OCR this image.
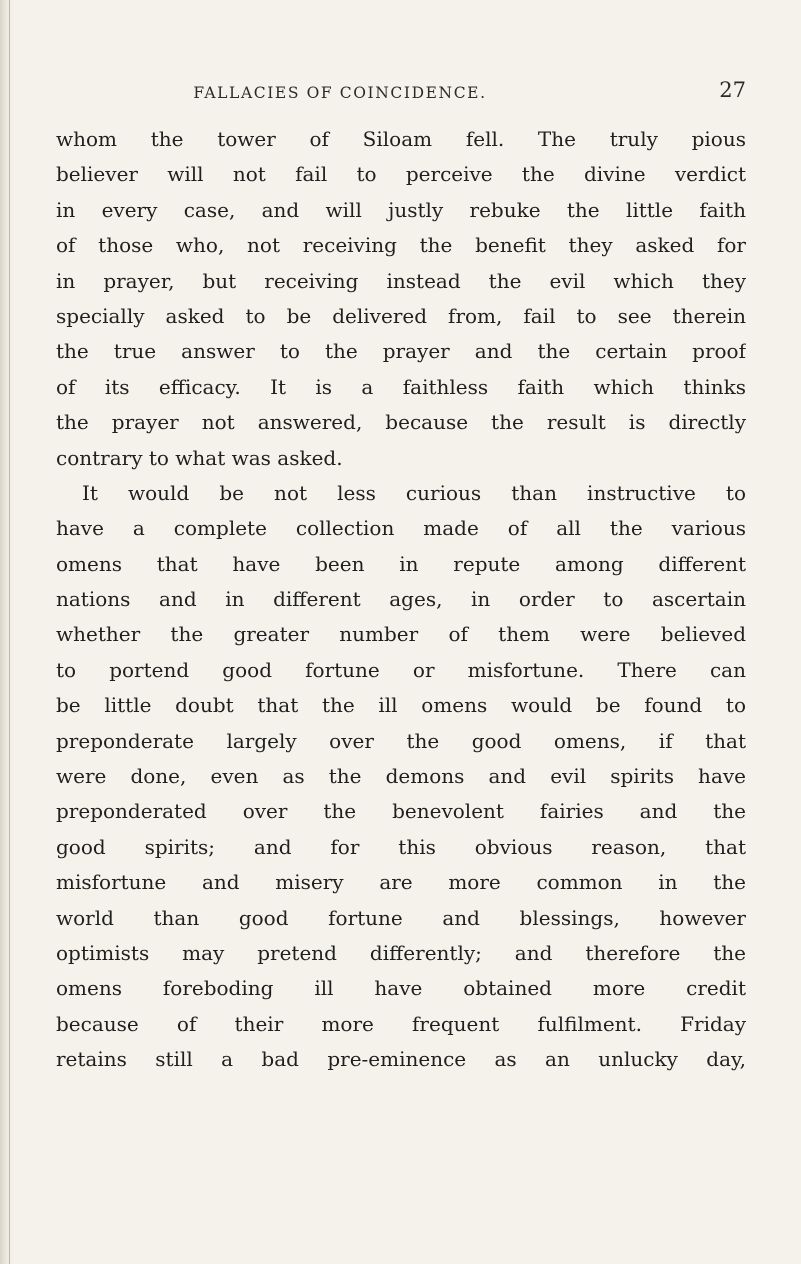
FALLACIES OF COINCIDENCE.	27
whom the tower of Siloam fell. The truly pious
believer will not fail to perceive the divine verdict
in every case, and will justly rebuke the little faith
of those who, not receiving the benefit they asked for
in prayer, but receiving instead the evil which they
specially asked to be delivered from, fail to see therein
the true answer to the prayer and the certain proof
of its efficacy. It is a faithless faith which thinks
the prayer not answered, because the result is directly
contrary to what was asked.
It would be not less curious than instructive to
have a complete collection made of all the various
omens that have been in repute among different
nations and in different ages, in order to ascertain
whether the greater number of them were believed
to portend good fortune or misfortune. There can
be little doubt that the ill omens would be found to
preponderate largely over the good omens, if that
were done, even as the demons and evil spirits have
preponderated over the benevolent fairies and the
good spirits; and for this obvious reason, that
misfortune and misery are more common in the
world than good fortune and blessings, however
optimists may pretend differently; and therefore the
omens foreboding ill have obtained more credit
because of their more frequent fulfilment. Friday
retains still a bad pre-eminence as an unlucky day,
